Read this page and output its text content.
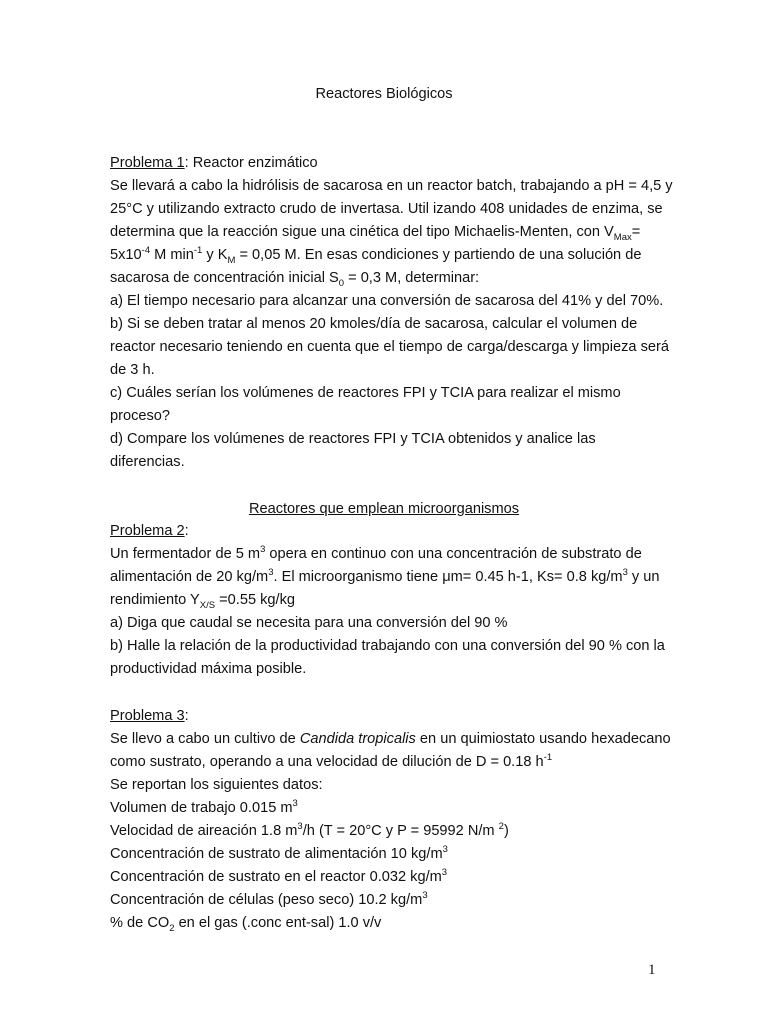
Reactores Biológicos
Problema 1: Reactor enzimático
Se llevará a cabo la hidrólisis de sacarosa en un reactor batch, trabajando a pH = 4,5 y
25°C y utilizando extracto crudo de invertasa. Util izando 408 unidades de enzima, se
determina que la reacción sigue una cinética del tipo Michaelis-Menten, con $V_{Max}=$
$5x10^{-4}$ M $\min^{-1} y$ $K_M = 0,05$ M. En esas condiciones y partiendo de una solución de
sacarosa de concentración inicial $S_0 = 0,3$ M, determinar:
a) El tiempo necesario para alcanzar una conversión de sacarosa del 41% y del 70%.
b) Si se deben tratar al menos 20 kmoles/día de sacarosa, calcular el volumen de
reactor necesario teniendo en cuenta que el tiempo de carga/descarga y limpieza será
de 3 h.
c) Cuáles serían los volúmenes de reactores FPI y TCIA para realizar el mismo
proceso?
d) Compare los volúmenes de reactores FPI y TCIA obtenidos y analice las
diferencias.
Reactores que emplean microorganismos
Problema 2:
Un fermentador de 5 $m^3$ opera en continuo con una concentración de substrato de
alimentación de 20 $kg/m^3$. El microorganismo tiene μm= 0.45 h-1, Ks= 0.8 $kg/m^3$ y un
rendimiento $Y_{X/S} =0.55$ kg/kg
a) Diga que caudal se necesita para una conversión del 90 %
b) Halle la relación de la productividad trabajando con una conversión del 90 % con la
productividad máxima posible.
Problema 3:
Se llevo a cabo un cultivo de Candida tropicalis en un quimiostato usando hexadecano
como sustrato, operando a una velocidad de dilución de D = 0.18 $h^{-1}$
Se reportan los siguientes datos:
Volumen de trabajo 0.015 $m^3$
Velocidad de aireación 1.8 $m^3/h$ (T = 20°C y P = 95992 N/m $^2$)
Concentración de sustrato de alimentación 10 $kg/m^3$
Concentración de sustrato en el reactor 0.032 $kg/m^3$
Concentración de células (peso seco) 10.2 $kg/m^3$
% de $CO_2$ en el gas (.conc ent-sal) 1.0 v/v
1
